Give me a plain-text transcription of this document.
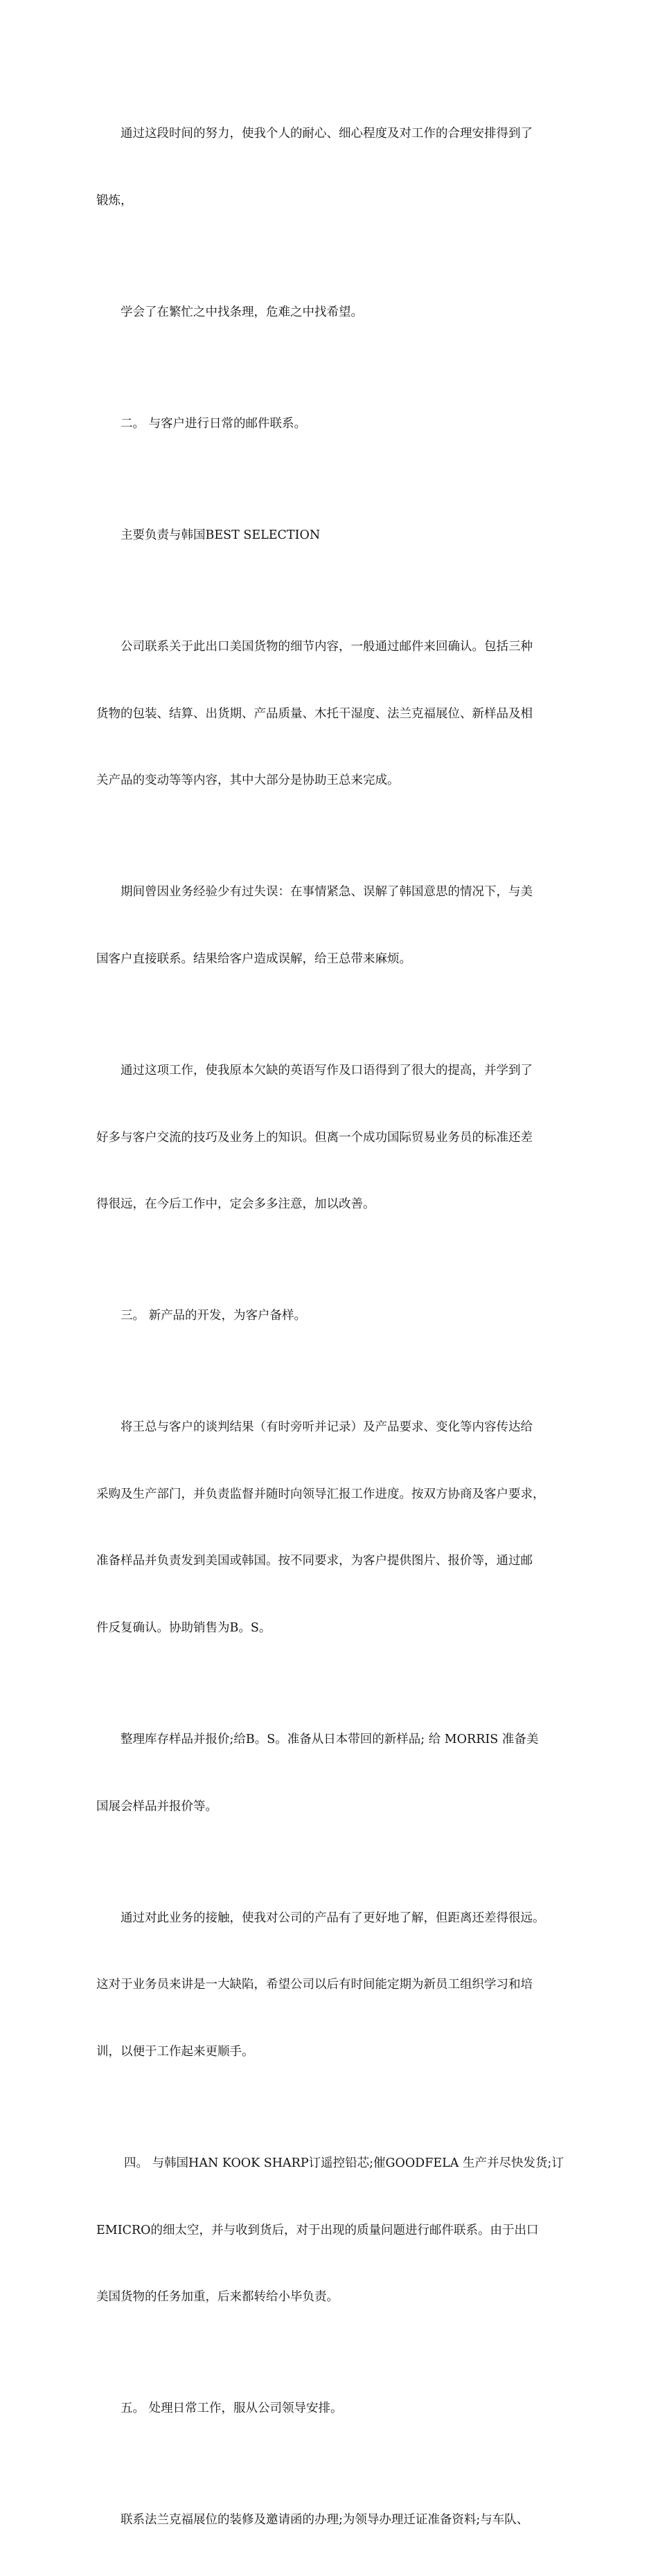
通过这段时间的努力，使我个人的耐心、细心程度及对工作的合理安排得到了

锻炼，

学会了在繁忙之中找条理，危难之中找希望。

二。 与客户进行日常的邮件联系。

主要负责与韩国BEST SELECTION

公司联系关于此出口美国货物的细节内容，一般通过邮件来回确认。包括三种

货物的包装、结算、出货期、产品质量、木托干湿度、法兰克福展位、新样品及相

关产品的变动等等内容，其中大部分是协助王总来完成。

期间曾因业务经验少有过失误：在事情紧急、误解了韩国意思的情况下，与美

国客户直接联系。结果给客户造成误解，给王总带来麻烦。

通过这项工作，使我原本欠缺的英语写作及口语得到了很大的提高，并学到了

好多与客户交流的技巧及业务上的知识。但离一个成功国际贸易业务员的标准还差

得很远，在今后工作中，定会多多注意，加以改善。

三。 新产品的开发，为客户备样。

将王总与客户的谈判结果（有时旁听并记录）及产品要求、变化等内容传达给

采购及生产部门，并负责监督并随时向领导汇报工作进度。按双方协商及客户要求，

准备样品并负责发到美国或韩国。按不同要求，为客户提供图片、报价等，通过邮

件反复确认。协助销售为B。S。

整理库存样品并报价;给B。S。准备从日本带回的新样品; 给 MORRIS 准备美

国展会样品并报价等。

通过对此业务的接触，使我对公司的产品有了更好地了解，但距离还差得很远。

这对于业务员来讲是一大缺陷，希望公司以后有时间能定期为新员工组织学习和培

训，以便于工作起来更顺手。

四。 与韩国HAN KOOK SHARP订遥控铅芯;催GOODFELA 生产并尽快发货;订

EMICRO的细太空，并与收到货后，对于出现的质量问题进行邮件联系。由于出口

美国货物的任务加重，后来都转给小毕负责。

五。 处理日常工作，服从公司领导安排。

联系法兰克福展位的装修及邀请函的办理;为领导办理迁证准备资料;与车队、
